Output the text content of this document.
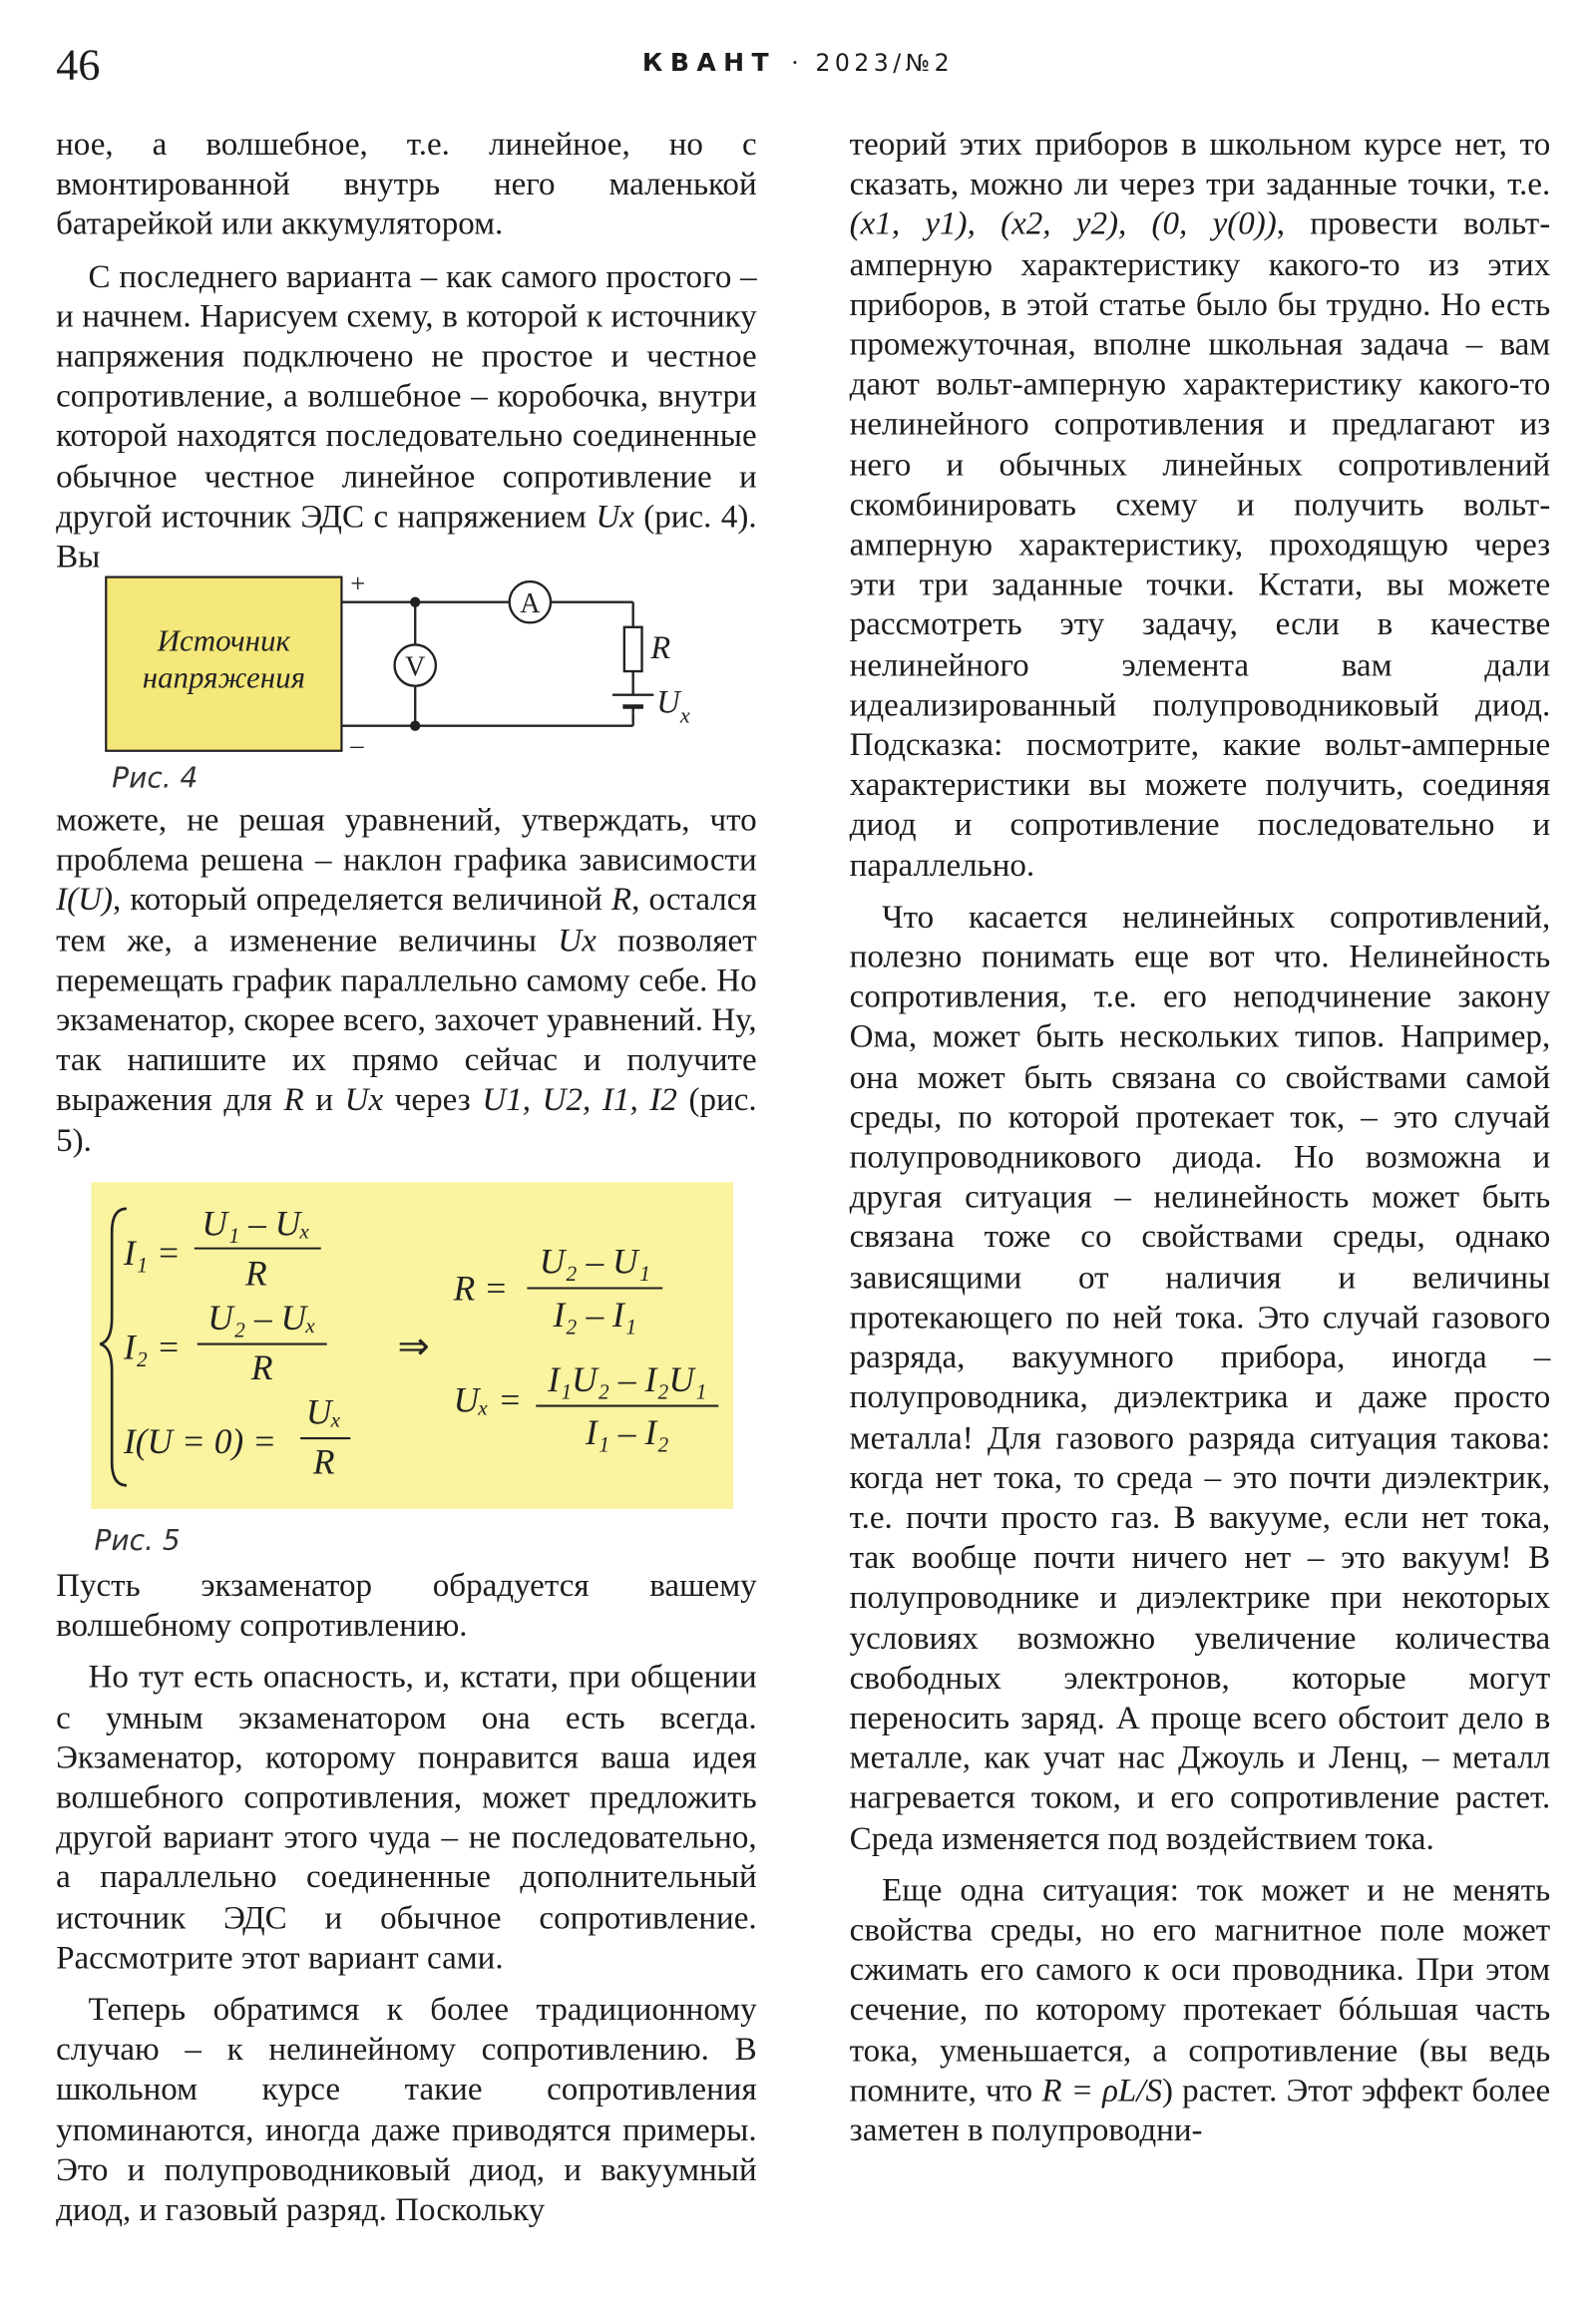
46	КВАНТ · 2023/№2

ное, а волшебное, т.е. линейное, но с вмонтированной внутрь него маленькой батарейкой или аккумулятором.

С последнего варианта – как самого простого – и начнем. Нарисуем схему, в которой к источнику напряжения подключено не простое и честное сопротивление, а волшебное – коробочка, внутри которой находятся последовательно соединенные обычное честное линейное сопротивление и другой источник ЭДС с напряжением Ux (рис. 4). Вы

Источник
напряжения
+
–
A
V
R
U x
Рис. 4

можете, не решая уравнений, утверждать, что проблема решена – наклон графика зависимости I(U), который определяется величиной R, остался тем же, а изменение величины Ux позволяет перемещать график параллельно самому себе. Но экзаменатор, скорее всего, захочет уравнений. Ну, так напишите их прямо сейчас и получите выражения для R и Ux через U1, U2, I1, I2 (рис. 5).

I₁ =
U₁ – Uₓ
R
I₂ =
U₂ – Uₓ
R
I(U = 0) =
Uₓ
R
⇒
R =
U₂ – U₁
I₂ – I₁
Uₓ =
I₁U₂ – I₂U₁
I₁ – I₂
Рис. 5

Пусть экзаменатор обрадуется вашему волшебному сопротивлению.

Но тут есть опасность, и, кстати, при общении с умным экзаменатором она есть всегда. Экзаменатор, которому понравится ваша идея волшебного сопротивления, может предложить другой вариант этого чуда – не последовательно, а параллельно соединенные дополнительный источник ЭДС и обычное сопротивление. Рассмотрите этот вариант сами.

Теперь обратимся к более традиционному случаю – к нелинейному сопротивлению. В школьном курсе такие сопротивления упоминаются, иногда даже приводятся примеры. Это и полупроводниковый диод, и вакуумный диод, и газовый разряд. Поскольку

теорий этих приборов в школьном курсе нет, то сказать, можно ли через три заданные точки, т.е. (x1, y1), (x2, y2), (0, y(0)), провести вольт-амперную характеристику какого-то из этих приборов, в этой статье было бы трудно. Но есть промежуточная, вполне школьная задача – вам дают вольт-амперную характеристику какого-то нелинейного сопротивления и предлагают из него и обычных линейных сопротивлений скомбинировать схему и получить вольт-амперную характеристику, проходящую через эти три заданные точки. Кстати, вы можете рассмотреть эту задачу, если в качестве нелинейного элемента вам дали идеализированный полупроводниковый диод. Подсказка: посмотрите, какие вольт-амперные характеристики вы можете получить, соединяя диод и сопротивление последовательно и параллельно.

Что касается нелинейных сопротивлений, полезно понимать еще вот что. Нелинейность сопротивления, т.е. его неподчинение закону Ома, может быть нескольких типов. Например, она может быть связана со свойствами самой среды, по которой протекает ток, – это случай полупроводникового диода. Но возможна и другая ситуация – нелинейность может быть связана тоже со свойствами среды, однако зависящими от наличия и величины протекающего по ней тока. Это случай газового разряда, вакуумного прибора, иногда – полупроводника, диэлектрика и даже просто металла! Для газового разряда ситуация такова: когда нет тока, то среда – это почти диэлектрик, т.е. почти просто газ. В вакууме, если нет тока, так вообще почти ничего нет – это вакуум! В полупроводнике и диэлектрике при некоторых условиях возможно увеличение количества свободных электронов, которые могут переносить заряд. А проще всего обстоит дело в металле, как учат нас Джоуль и Ленц, – металл нагревается током, и его сопротивление растет. Среда изменяется под воздействием тока.

Еще одна ситуация: ток может и не менять свойства среды, но его магнитное поле может сжимать его самого к оси проводника. При этом сечение, по которому протекает бóльшая часть тока, уменьшается, а сопротивление (вы ведь помните, что R = ρL/S) растет. Этот эффект более заметен в полупроводни-
